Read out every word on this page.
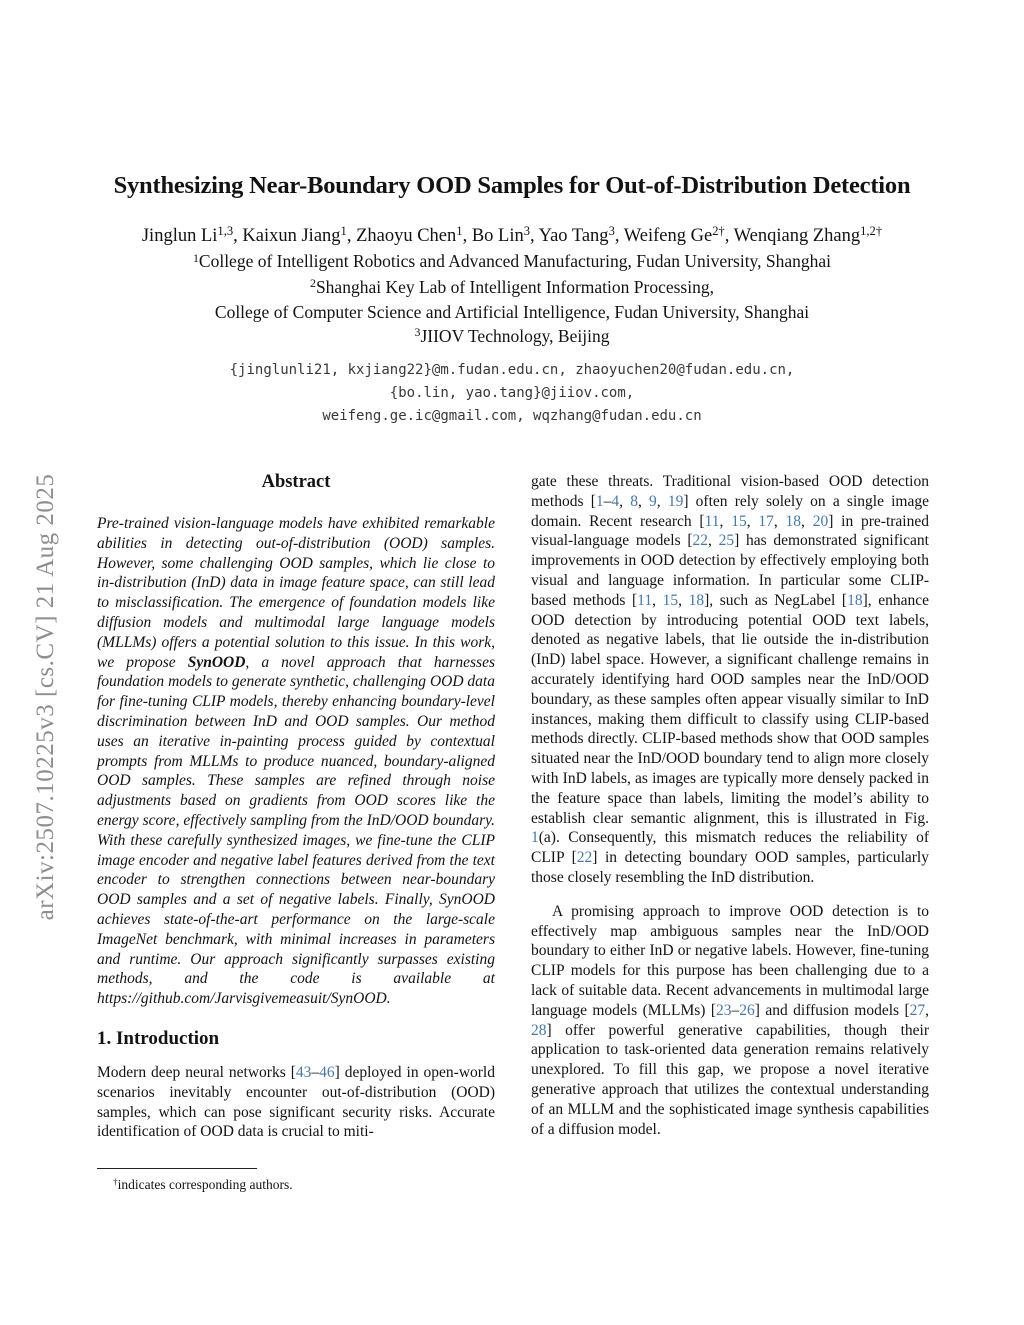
arXiv:2507.10225v3 [cs.CV] 21 Aug 2025
Synthesizing Near-Boundary OOD Samples for Out-of-Distribution Detection
Jinglun Li$^{1,3}$, Kaixun Jiang$^1$, Zhaoyu Chen$^1$, Bo Lin$^3$, Yao Tang$^3$, Weifeng $Ge^{2\dagger}$, Wenqiang Zhang$^{1,2\dagger}$
$^1$College of Intelligent Robotics and Advanced Manufacturing, Fudan University, Shanghai
$^2$Shanghai Key Lab of Intelligent Information Processing,
College of Computer Science and Artificial Intelligence, Fudan University, Shanghai
$^3$JIIOV Technology, Beijing
{jinglunli21, kxjiang22}@m.fudan.edu.cn, zhaoyuchen20@fudan.edu.cn,
{bo.lin, yao.tang}@jiiov.com,
weifeng.ge.ic@gmail.com, wqzhang@fudan.edu.cn
Abstract

Pre-trained vision-language models have exhibited remarkable abilities in detecting out-of-distribution (OOD) samples. However, some challenging OOD samples, which lie close to in-distribution (InD) data in image feature space, can still lead to misclassification. The emergence of foundation models like diffusion models and multimodal large language models (MLLMs) offers a potential solution to this issue. In this work, we propose SynOOD, a novel approach that harnesses foundation models to generate synthetic, challenging OOD data for fine-tuning CLIP models, thereby enhancing boundary-level discrimination between InD and OOD samples. Our method uses an iterative in-painting process guided by contextual prompts from MLLMs to produce nuanced, boundary-aligned OOD samples. These samples are refined through noise adjustments based on gradients from OOD scores like the energy score, effectively sampling from the InD/OOD boundary. With these carefully synthesized images, we fine-tune the CLIP image encoder and negative label features derived from the text encoder to strengthen connections between near-boundary OOD samples and a set of negative labels. Finally, SynOOD achieves state-of-the-art performance on the large-scale ImageNet benchmark, with minimal increases in parameters and runtime. Our approach significantly surpasses existing methods, and the code is available at https://github.com/Jarvisgivemeasuit/SynOOD.

1. Introduction

Modern deep neural networks [43–46] deployed in open-world scenarios inevitably encounter out-of-distribution (OOD) samples, which can pose significant security risks. Accurate identification of OOD data is crucial to miti-

gate these threats. Traditional vision-based OOD detection methods [1–4, 8, 9, 19] often rely solely on a single image domain. Recent research [11, 15, 17, 18, 20] in pre-trained visual-language models [22, 25] has demonstrated significant improvements in OOD detection by effectively employing both visual and language information. In particular some CLIP-based methods [11, 15, 18], such as NegLabel [18], enhance OOD detection by introducing potential OOD text labels, denoted as negative labels, that lie outside the in-distribution (InD) label space. However, a significant challenge remains in accurately identifying hard OOD samples near the InD/OOD boundary, as these samples often appear visually similar to InD instances, making them difficult to classify using CLIP-based methods directly. CLIP-based methods show that OOD samples situated near the InD/OOD boundary tend to align more closely with InD labels, as images are typically more densely packed in the feature space than labels, limiting the model’s ability to establish clear semantic alignment, this is illustrated in Fig. 1(a). Consequently, this mismatch reduces the reliability of CLIP [22] in detecting boundary OOD samples, particularly those closely resembling the InD distribution.

A promising approach to improve OOD detection is to effectively map ambiguous samples near the InD/OOD boundary to either InD or negative labels. However, fine-tuning CLIP models for this purpose has been challenging due to a lack of suitable data. Recent advancements in multimodal large language models (MLLMs) [23–26] and diffusion models [27, 28] offer powerful generative capabilities, though their application to task-oriented data generation remains relatively unexplored. To fill this gap, we propose a novel iterative generative approach that utilizes the contextual understanding of an MLLM and the sophisticated image synthesis capabilities of a diffusion model.

†indicates corresponding authors.
